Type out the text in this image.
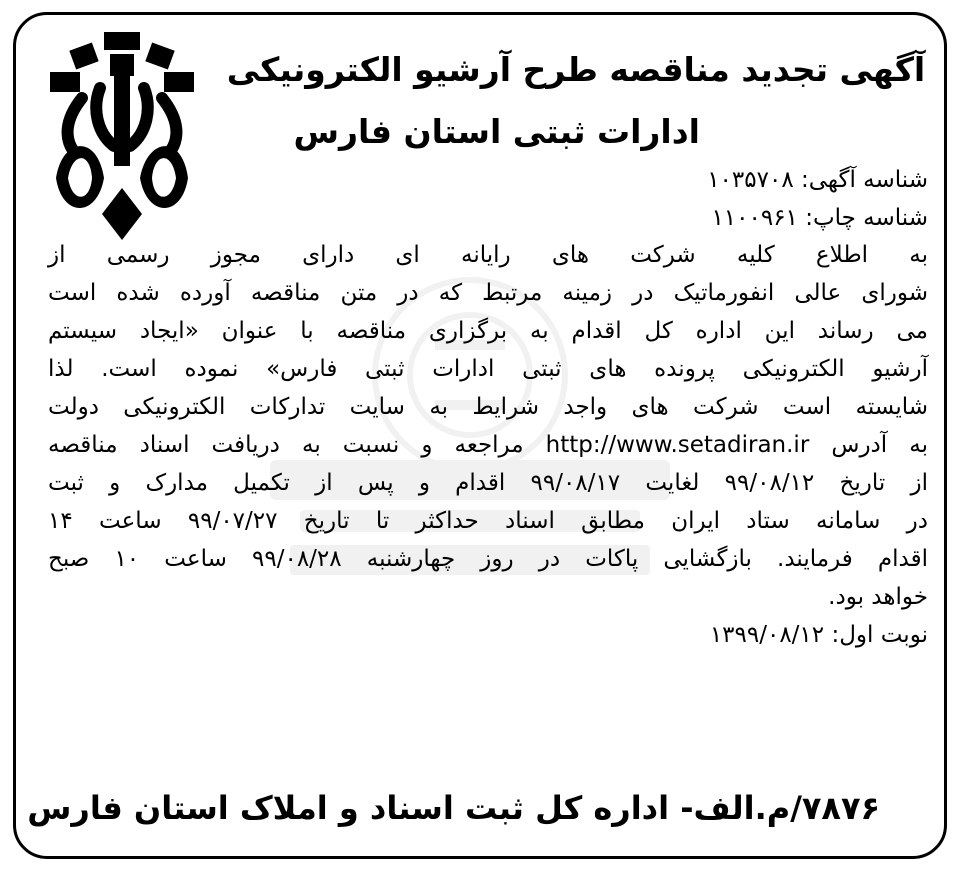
آگهی تجدید مناقصه طرح آرشیو الکترونیکی
ادارات ثبتی استان فارس
شناسه آگهی: ۱۰۳۵۷۰۸
شناسه چاپ: ۱۱۰۰۹۶۱
به اطلاع کلیه شرکت های رایانه ای دارای مجوز رسمی از
شورای عالی انفورماتیک در زمینه مرتبط که در متن مناقصه آورده شده است
می رساند این اداره کل اقدام به برگزاری مناقصه با عنوان «ایجاد سیستم
آرشیو الکترونیکی پرونده های ثبتی ادارات ثبتی فارس» نموده است. لذا
شایسته است شرکت های واجد شرایط به سایت تدارکات الکترونیکی دولت
به آدرس http://www.setadiran.ir مراجعه و نسبت به دریافت اسناد مناقصه
از تاریخ ۹۹/۰۸/۱۲ لغایت ۹۹/۰۸/۱۷ اقدام و پس از تکمیل مدارک و ثبت
در سامانه ستاد ایران مطابق اسناد حداکثر تا تاریخ ۹۹/۰۷/۲۷ ساعت ۱۴
اقدام فرمایند. بازگشایی پاکات در روز چهارشنبه ۹۹/۰۸/۲۸ ساعت ۱۰ صبح
خواهد بود.
نوبت اول: ۱۳۹۹/۰۸/۱۲
۷۸۷۶/م.الف- اداره کل ثبت اسناد و املاک استان فارس
